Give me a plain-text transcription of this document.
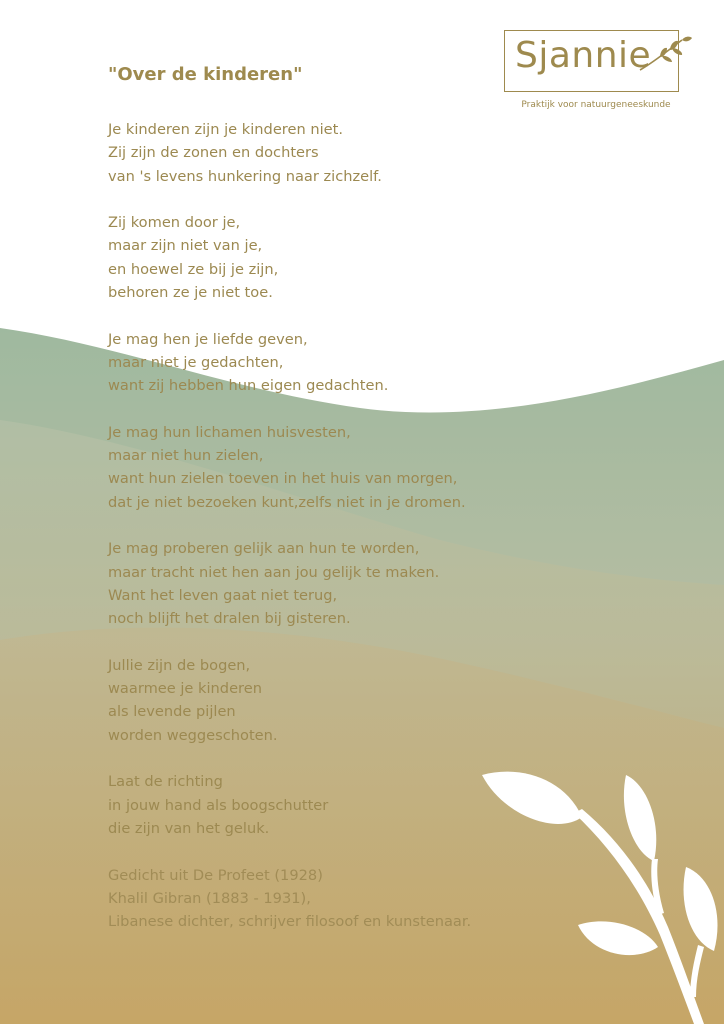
Sjannie
Praktijk voor natuurgeneeskunde
"Over de kinderen"
Je kinderen zijn je kinderen niet.
Zij zijn de zonen en dochters
van 's levens hunkering naar zichzelf.
Zij komen door je,
maar zijn niet van je,
en hoewel ze bij je zijn,
behoren ze je niet toe.
Je mag hen je liefde geven,
maar niet je gedachten,
want zij hebben hun eigen gedachten.
Je mag hun lichamen huisvesten,
maar niet hun zielen,
want hun zielen toeven in het huis van morgen,
dat je niet bezoeken kunt,zelfs niet in je dromen.
Je mag proberen gelijk aan hun te worden,
maar tracht niet hen aan jou gelijk te maken.
Want het leven gaat niet terug,
noch blijft het dralen bij gisteren.
Jullie zijn de bogen,
waarmee je kinderen
als levende pijlen
worden weggeschoten.
Laat de richting
in jouw hand als boogschutter
die zijn van het geluk.
Gedicht uit De Profeet (1928)
Khalil Gibran (1883 - 1931),
Libanese dichter, schrijver filosoof en kunstenaar.
